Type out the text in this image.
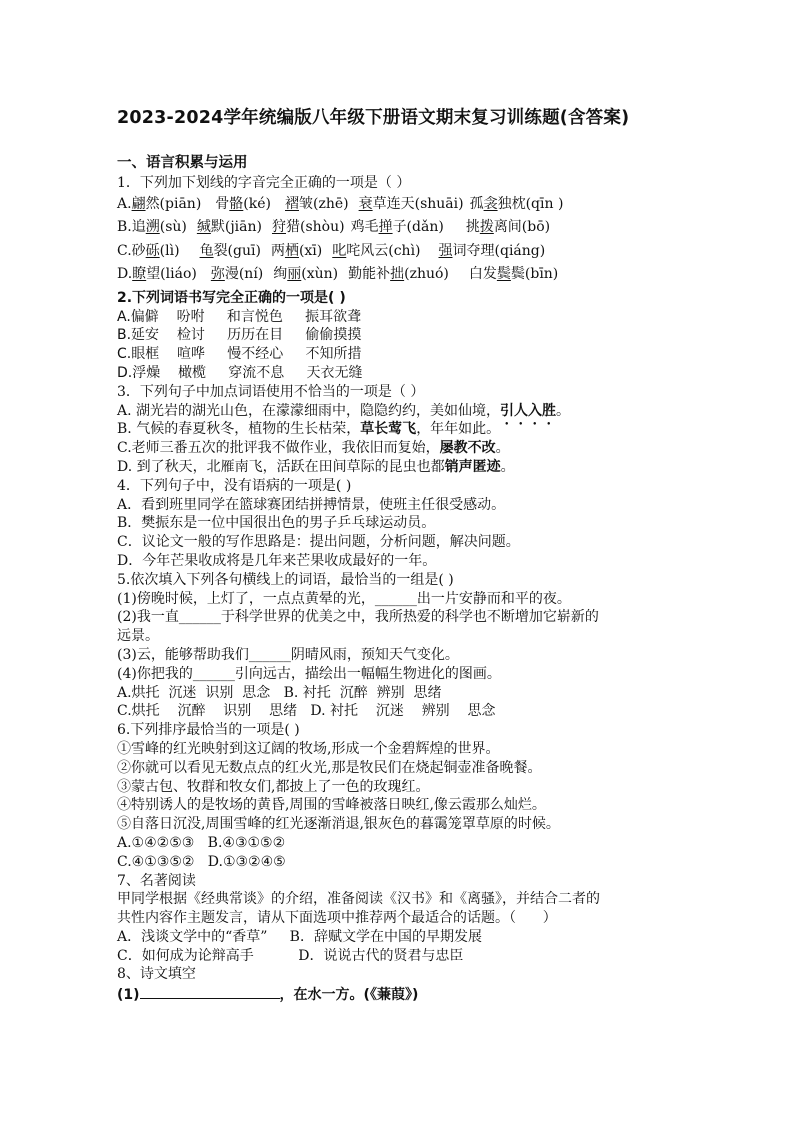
2023-2024学年统编版八年级下册语文期末复习训练题(含答案)
一、语言积累与运用
1．下列加下划线的字音完全正确的一项是（ ）
A.翩然(piān) 骨骼(ké) 褶皱(zhē) 衰草连天(shuāi) 孤衾独枕(qīn )
B.追溯(sù) 缄默(jiān) 狩猎(shòu) 鸡毛掸子(dǎn) 挑拨离间(bō)
C.砂砾(lì) 龟裂(guī) 两栖(xī) 叱咤风云(chì) 强词夺理(qiáng)
D.瞭望(liáo) 弥漫(ní) 绚丽(xùn) 勤能补拙(zhuó) 白发鬓鬓(bīn)
2.下列词语书写完全正确的一项是( )
A.偏僻    吩咐     和言悦色     振耳欲聋
B.延安    检讨     历历在目     偷偷摸摸
C.眼框    喧哗     慢不经心     不知所措
D.浮燥    橄榄     穿流不息     天衣无缝
3．下列句子中加点词语使用不恰当的一项是（ ）
A. 湖光岩的湖光山色，在濛濛细雨中，隐隐约约，美如仙境，引人入胜。
B. 气候的春夏秋冬，植物的生长枯荣，草长莺飞，年年如此。
C.老师三番五次的批评我不做作业，我依旧而复始，屡教不改。
D. 到了秋天，北雁南飞，活跃在田间草际的昆虫也都销声匿迹。
4．下列句子中，没有语病的一项是( )
A．看到班里同学在篮球赛团结拼搏情景，使班主任很受感动。
B．樊振东是一位中国很出色的男子乒乓球运动员。
C．议论文一般的写作思路是：提出问题，分析问题，解决问题。
D．今年芒果收成将是几年来芒果收成最好的一年。
5.依次填入下列各句横线上的词语，最恰当的一组是( )
(1)傍晚时候，上灯了，一点点黄晕的光，______出一片安静而和平的夜。
(2)我一直______于科学世界的优美之中，我所热爱的科学也不断增加它崭新的
远景。
(3)云，能够帮助我们______阴晴风雨，预知天气变化。
(4)你把我的______引向远古，描绘出一幅幅生物进化的图画。
A.烘托  沉迷  识别  思念   B. 衬托  沉醉  辨别  思绪
C.烘托    沉醉    识别    思绪   D. 衬托    沉迷    辨别    思念
6.下列排序最恰当的一项是( )
①雪峰的红光映射到这辽阔的牧场,形成一个金碧辉煌的世界。
②你就可以看见无数点点的红火光,那是牧民们在烧起铜壶准备晚餐。
③蒙古包、牧群和牧女们,都披上了一色的玫瑰红。
④特别诱人的是牧场的黄昏,周围的雪峰被落日映红,像云霞那么灿烂。
⑤自落日沉没,周围雪峰的红光逐渐消退,银灰色的暮霭笼罩草原的时候。
A.①④②⑤③   B.④③①⑤②
C.④①③⑤②   D.①③②④⑤
7、名著阅读
甲同学根据《经典常谈》的介绍，准备阅读《汉书》和《离骚》，并结合二者的
共性内容作主题发言，请从下面选项中推荐两个最适合的话题。（      ）
A．浅谈文学中的“香草”     B．辞赋文学在中国的早期发展
C．如何成为论辩高手          D．说说古代的贤君与忠臣
8、诗文填空
(1)	，在水一方。(《蒹葭》)
